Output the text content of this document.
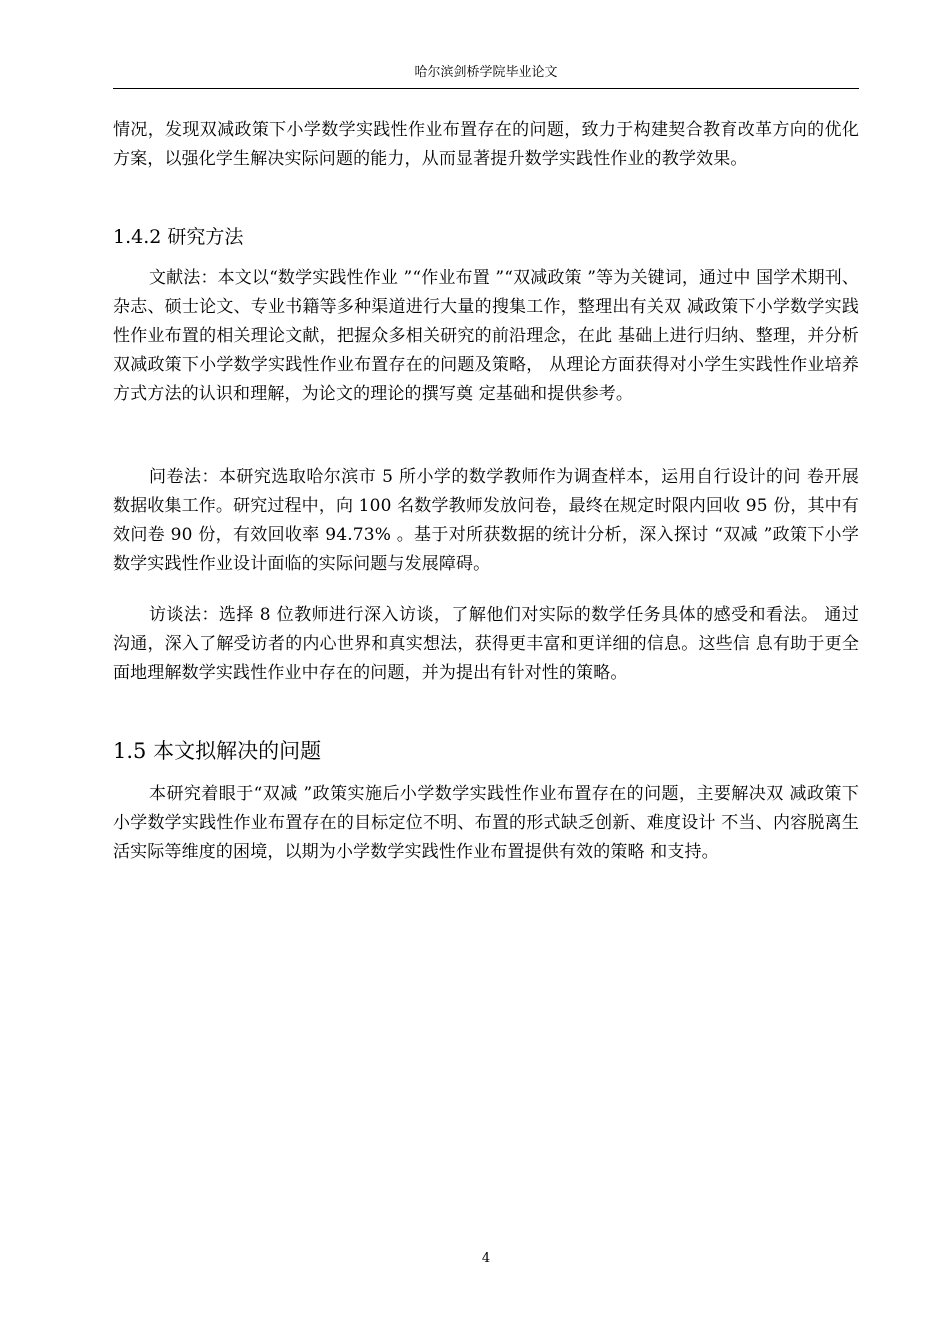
哈尔滨剑桥学院毕业论文

情况，发现双减政策下小学数学实践性作业布置存在的问题，致力于构建契合教育改革方向的优化方案，以强化学生解决实际问题的能力，从而显著提升数学实践性作业的教学效果。

1.4.2 研究方法

文献法：本文以“数学实践性作业 ”“作业布置 ”“双减政策 ”等为关键词，通过中 国学术期刊、杂志、硕士论文、专业书籍等多种渠道进行大量的搜集工作，整理出有关双 减政策下小学数学实践性作业布置的相关理论文献，把握众多相关研究的前沿理念，在此 基础上进行归纳、整理，并分析双减政策下小学数学实践性作业布置存在的问题及策略， 从理论方面获得对小学生实践性作业培养方式方法的认识和理解，为论文的理论的撰写奠 定基础和提供参考。

问卷法：本研究选取哈尔滨市 5 所小学的数学教师作为调查样本，运用自行设计的问 卷开展数据收集工作。研究过程中，向 100 名数学教师发放问卷，最终在规定时限内回收 95 份，其中有效问卷 90 份，有效回收率 94.73% 。基于对所获数据的统计分析，深入探讨 “双减 ”政策下小学数学实践性作业设计面临的实际问题与发展障碍。

访谈法：选择 8 位教师进行深入访谈，了解他们对实际的数学任务具体的感受和看法。 通过沟通，深入了解受访者的内心世界和真实想法，获得更丰富和更详细的信息。这些信 息有助于更全面地理解数学实践性作业中存在的问题，并为提出有针对性的策略。

1.5 本文拟解决的问题

本研究着眼于“双减 ”政策实施后小学数学实践性作业布置存在的问题，主要解决双 减政策下小学数学实践性作业布置存在的目标定位不明、布置的形式缺乏创新、难度设计 不当、内容脱离生活实际等维度的困境，以期为小学数学实践性作业布置提供有效的策略 和支持。

4
